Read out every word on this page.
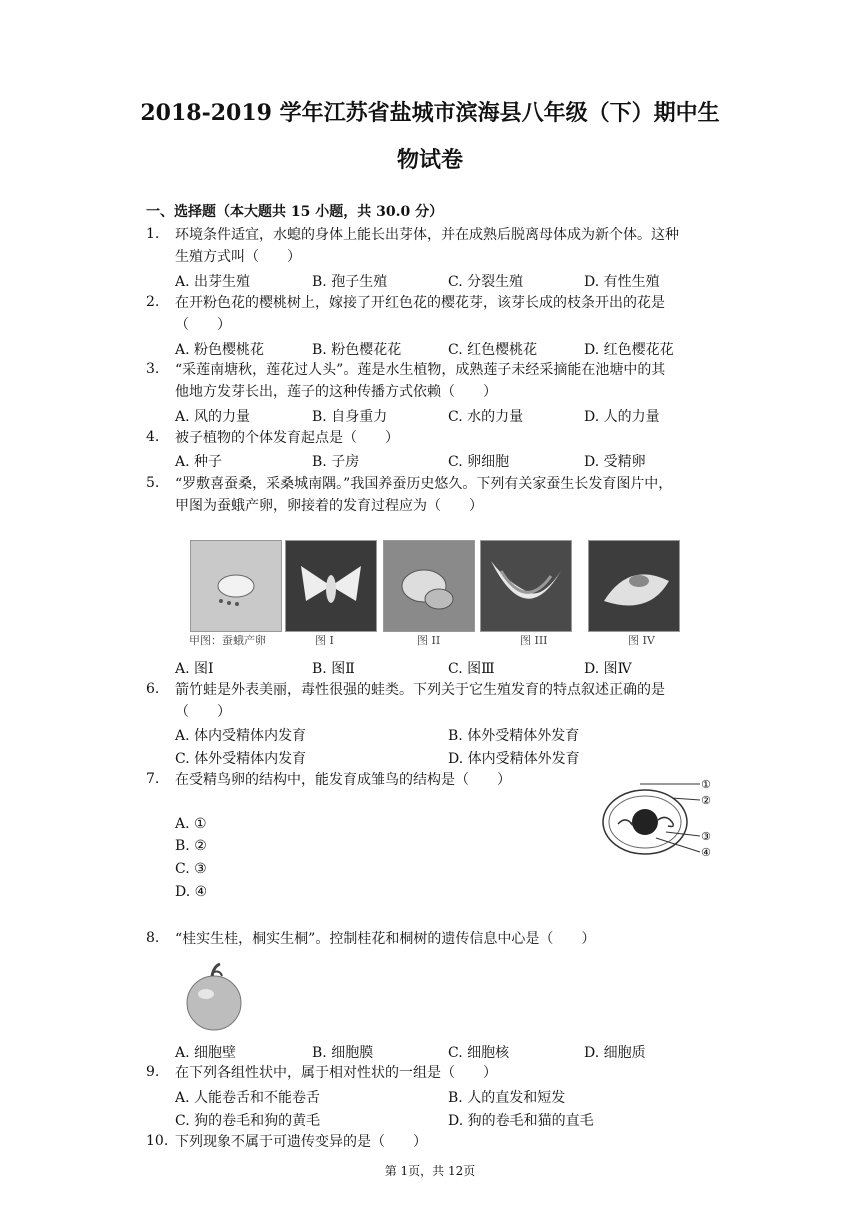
2018-2019 学年江苏省盐城市滨海县八年级（下）期中生
物试卷
一、选择题（本大题共 15 小题，共 30.0 分）
1. 环境条件适宜，水螅的身体上能长出芽体，并在成熟后脱离母体成为新个体。这种
生殖方式叫（　　）
A. 出芽生殖	B. 孢子生殖	C. 分裂生殖	D. 有性生殖
2. 在开粉色花的樱桃树上，嫁接了开红色花的樱花芽，该芽长成的枝条开出的花是
（　　）
A. 粉色樱桃花	B. 粉色樱花花	C. 红色樱桃花	D. 红色樱花花
3. “采莲南塘秋，莲花过人头”。莲是水生植物，成熟莲子未经采摘能在池塘中的其
他地方发芽长出，莲子的这种传播方式依赖（　　）
A. 风的力量	B. 自身重力	C. 水的力量	D. 人的力量
4. 被子植物的个体发育起点是（　　）
A. 种子	B. 子房	C. 卵细胞	D. 受精卵
5. “罗敷喜蚕桑，采桑城南隅。”我国养蚕历史悠久。下列有关家蚕生长发育图片中，
甲图为蚕蛾产卵，卵接着的发育过程应为（　　）
甲图：蚕蛾产卵	图 I	图 II	图 III	图 IV
A. 图Ⅰ	B. 图Ⅱ	C. 图Ⅲ	D. 图Ⅳ
6. 箭竹蛙是外表美丽，毒性很强的蛙类。下列关于它生殖发育的特点叙述正确的是
（　　）
A. 体内受精体内发育	B. 体外受精体外发育
C. 体外受精体内发育	D. 体内受精体外发育
7. 在受精鸟卵的结构中，能发育成雏鸟的结构是（　　）	①
②
③
④
A. ①
B. ②
C. ③
D. ④
8. “桂实生桂，桐实生桐”。控制桂花和桐树的遗传信息中心是（　　）
A. 细胞壁	B. 细胞膜	C. 细胞核	D. 细胞质
9. 在下列各组性状中，属于相对性状的一组是（　　）
A. 人能卷舌和不能卷舌	B. 人的直发和短发
C. 狗的卷毛和狗的黄毛	D. 狗的卷毛和猫的直毛
10. 下列现象不属于可遗传变异的是（　　）
第 1页，共 12页
